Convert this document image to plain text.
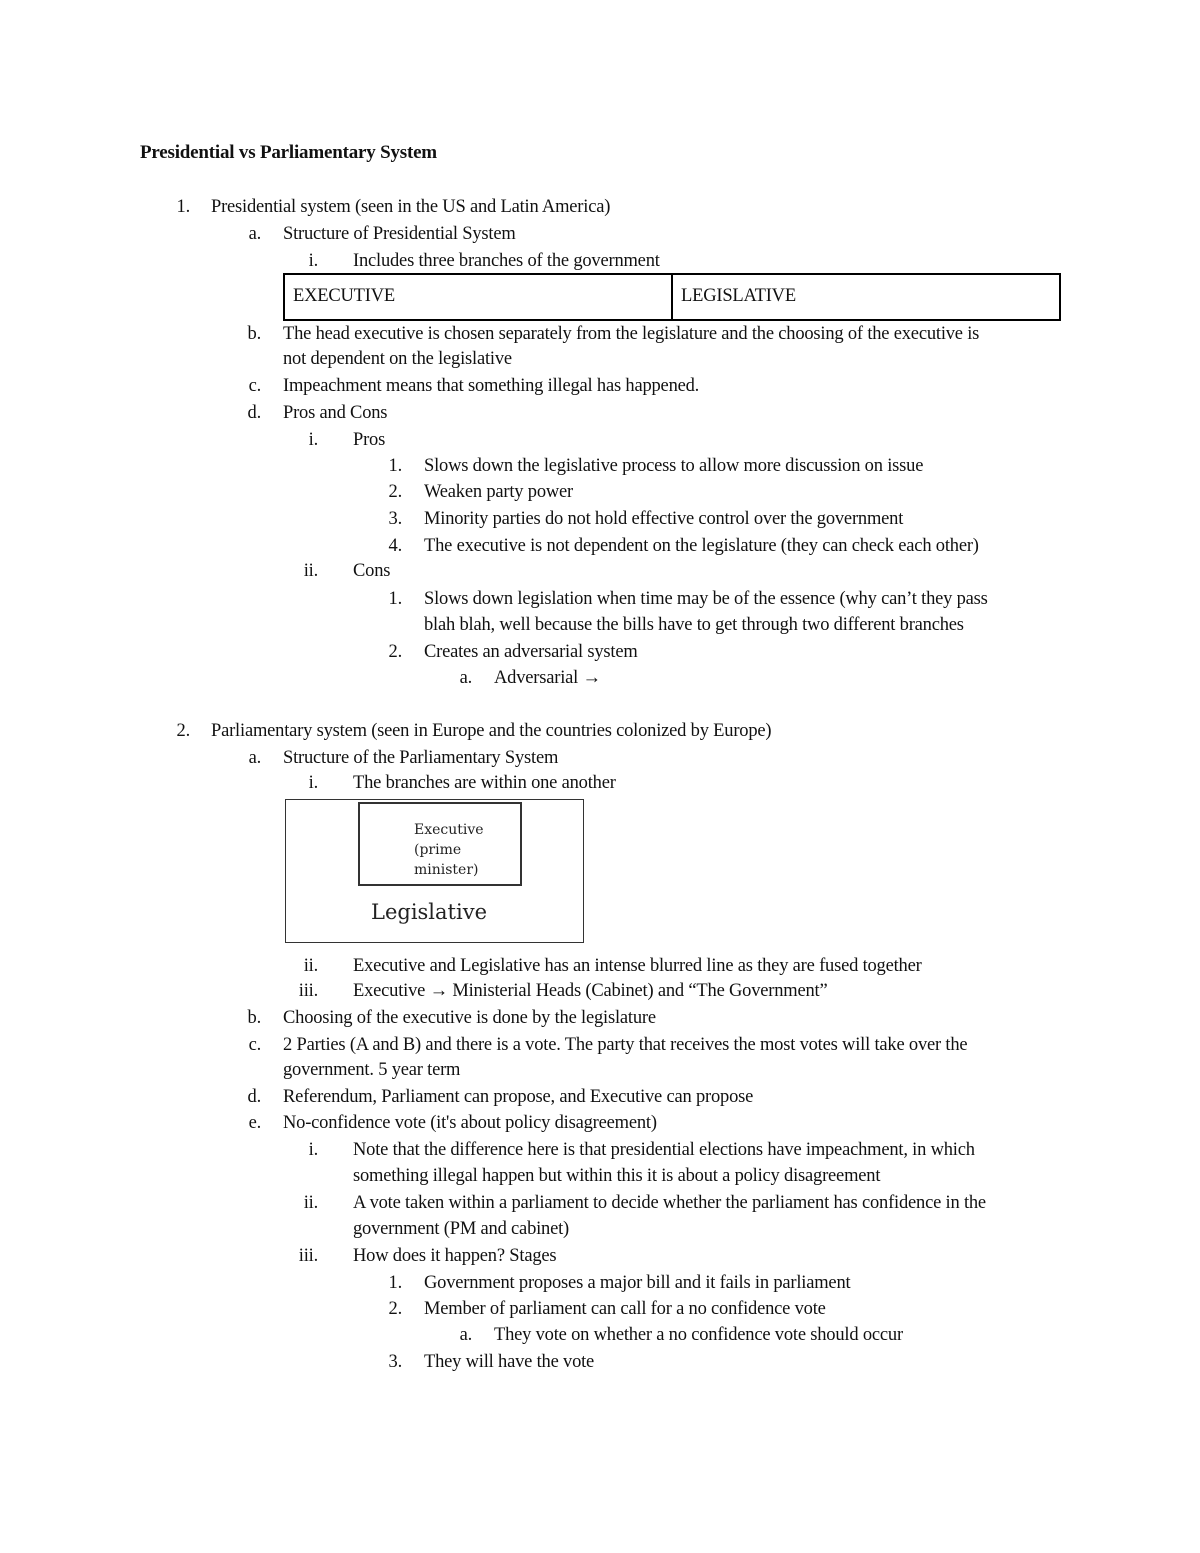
Presidential vs Parliamentary System
1. Presidential system (seen in the US and Latin America)
a. Structure of Presidential System
i. Includes three branches of the government
b. The head executive is chosen separately from the legislature and the choosing of the executive is
not dependent on the legislative
c. Impeachment means that something illegal has happened.
d. Pros and Cons
i. Pros
1. Slows down the legislative process to allow more discussion on issue
2. Weaken party power
3. Minority parties do not hold effective control over the government
4. The executive is not dependent on the legislature (they can check each other)
ii. Cons
1. Slows down legislation when time may be of the essence (why can’t they pass
blah blah, well because the bills have to get through two different branches
2. Creates an adversarial system
a. Adversarial →
2. Parliamentary system (seen in Europe and the countries colonized by Europe)
a. Structure of the Parliamentary System
i. The branches are within one another
ii. Executive and Legislative has an intense blurred line as they are fused together
iii. Executive → Ministerial Heads (Cabinet) and “The Government”
b. Choosing of the executive is done by the legislature
c. 2 Parties (A and B) and there is a vote. The party that receives the most votes will take over the
government. 5 year term
d. Referendum, Parliament can propose, and Executive can propose
e. No-confidence vote (it's about policy disagreement)
i. Note that the difference here is that presidential elections have impeachment, in which
something illegal happen but within this it is about a policy disagreement
ii. A vote taken within a parliament to decide whether the parliament has confidence in the
government (PM and cabinet)
iii. How does it happen? Stages
1. Government proposes a major bill and it fails in parliament
2. Member of parliament can call for a no confidence vote
a. They vote on whether a no confidence vote should occur
3. They will have the vote
EXECUTIVE	LEGISLATIVE
Executive
(prime
minister)
Legislative
